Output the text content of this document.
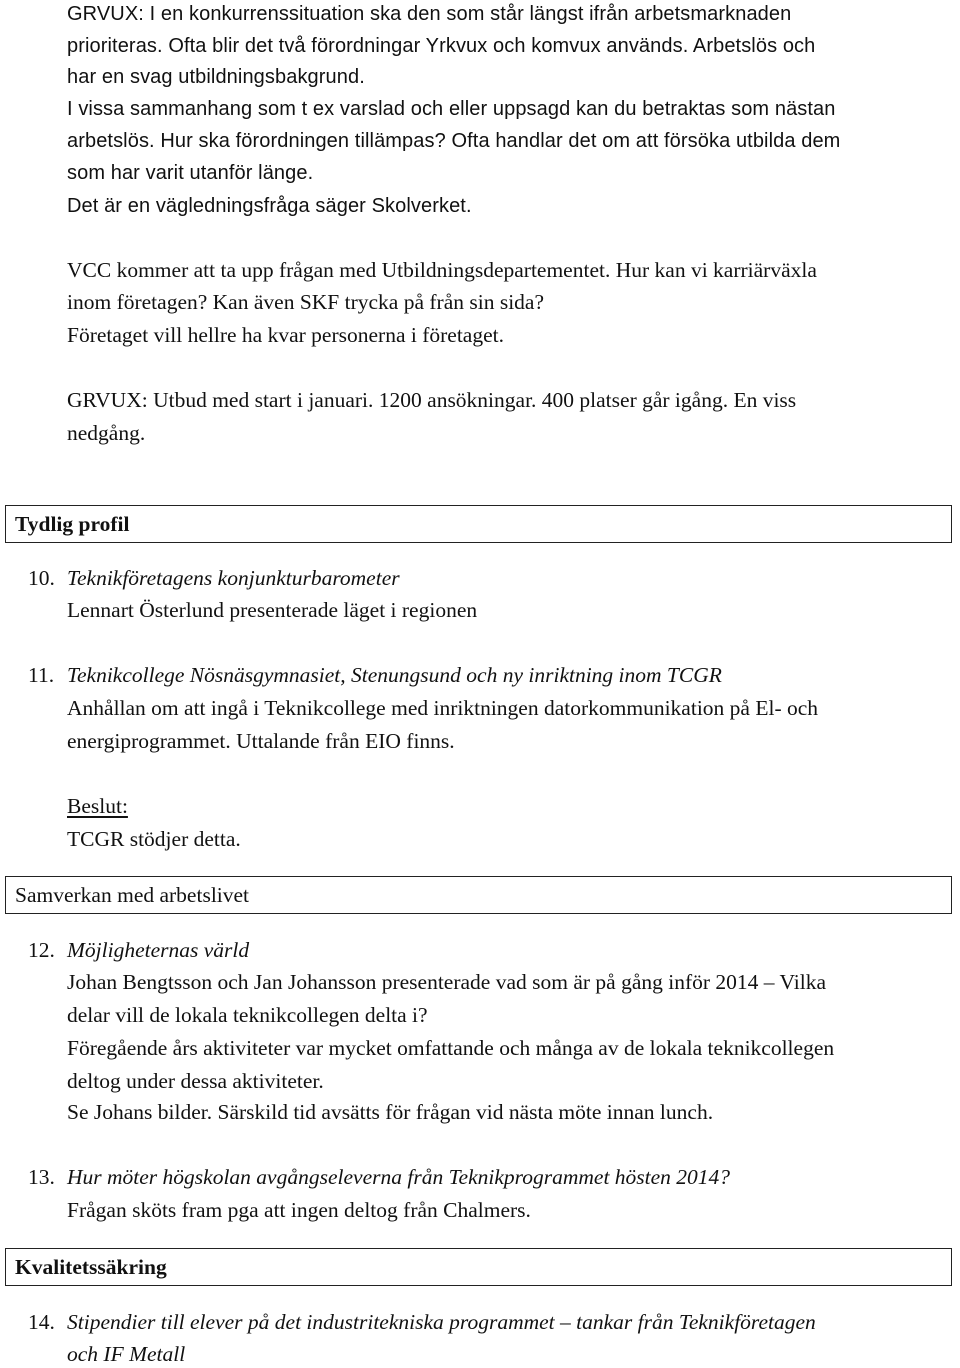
GRVUX: I en konkurrenssituation ska den som står längst ifrån arbetsmarknaden
prioriteras. Ofta blir det två förordningar Yrkvux och komvux används. Arbetslös och
har en svag utbildningsbakgrund.
I vissa sammanhang som t ex varslad och eller uppsagd kan du betraktas som nästan
arbetslös. Hur ska förordningen tillämpas? Ofta handlar det om att försöka utbilda dem
som har varit utanför länge.
Det är en vägledningsfråga säger Skolverket.
VCC kommer att ta upp frågan med Utbildningsdepartementet. Hur kan vi karriärväxla
inom företagen? Kan även SKF trycka på från sin sida?
Företaget vill hellre ha kvar personerna i företaget.
GRVUX: Utbud med start i januari. 1200 ansökningar. 400 platser går igång. En viss
nedgång.
Tydlig profil
10. Teknikföretagens konjunkturbarometer
Lennart Österlund presenterade läget i regionen
11. Teknikcollege Nösnäsgymnasiet, Stenungsund och ny inriktning inom TCGR
Anhållan om att ingå i Teknikcollege med inriktningen datorkommunikation på El- och
energiprogrammet. Uttalande från EIO finns.
Beslut:
TCGR stödjer detta.
Samverkan med arbetslivet
12. Möjligheternas värld
Johan Bengtsson och Jan Johansson presenterade vad som är på gång inför 2014 – Vilka
delar vill de lokala teknikcollegen delta i?
Föregående års aktiviteter var mycket omfattande och många av de lokala teknikcollegen
deltog under dessa aktiviteter.
Se Johans bilder. Särskild tid avsätts för frågan vid nästa möte innan lunch.
13. Hur möter högskolan avgångseleverna från Teknikprogrammet hösten 2014?
Frågan sköts fram pga att ingen deltog från Chalmers.
Kvalitetssäkring
14. Stipendier till elever på det industritekniska programmet – tankar från Teknikföretagen
och IF Metall
